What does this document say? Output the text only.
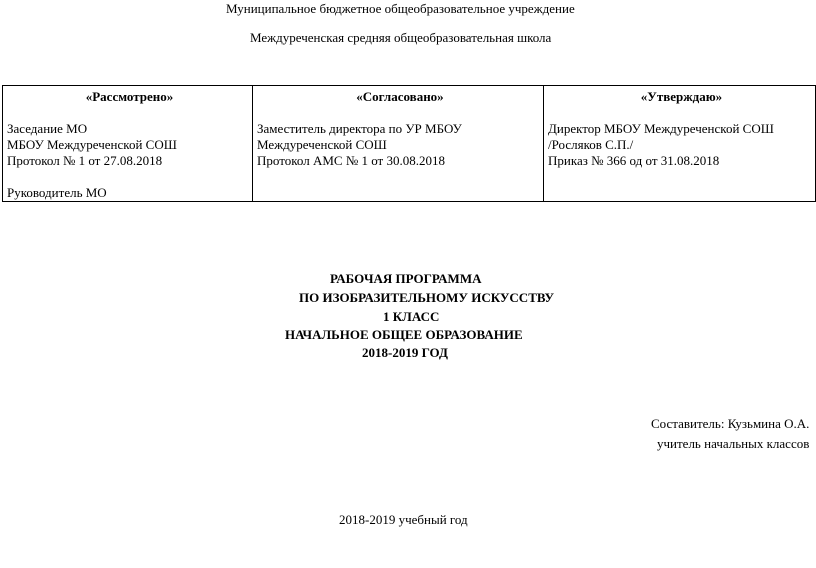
Муниципальное бюджетное общеобразовательное учреждение
Междуреченская средняя общеобразовательная школа
«Рассмотрено»
Заседание МО
МБОУ Междуреченской СОШ
Протокол № 1 от 27.08.2018
Руководитель МО

«Согласовано»
Заместитель директора по УР МБОУ
Междуреченской СОШ
Протокол АМС № 1 от 30.08.2018

«Утверждаю»
Директор МБОУ Междуреченской СОШ
/Росляков С.П./
Приказ № 366 од от 31.08.2018
РАБОЧАЯ ПРОГРАММА
ПО ИЗОБРАЗИТЕЛЬНОМУ ИСКУССТВУ
1 КЛАСС
НАЧАЛЬНОЕ ОБЩЕЕ ОБРАЗОВАНИЕ
2018-2019 ГОД
Составитель: Кузьмина О.А.
учитель начальных классов
2018-2019 учебный год
